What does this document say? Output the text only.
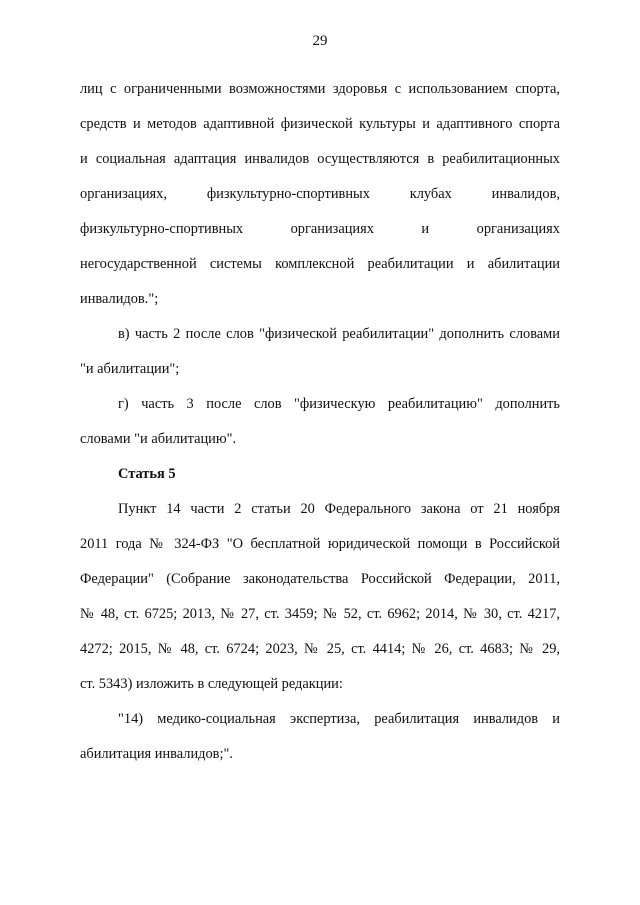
29
лиц с ограниченными возможностями здоровья с использованием спорта,
средств и методов адаптивной физической культуры и адаптивного спорта
и социальная адаптация инвалидов осуществляются в реабилитационных
организациях, физкультурно-спортивных клубах инвалидов,
физкультурно-спортивных организациях и организациях
негосударственной системы комплексной реабилитации и абилитации
инвалидов.";
в) часть 2 после слов "физической реабилитации" дополнить словами
"и абилитации";
г) часть 3 после слов "физическую реабилитацию" дополнить
словами "и абилитацию".
Статья 5
Пункт 14 части 2 статьи 20 Федерального закона от 21 ноября
2011 года № 324-ФЗ "О бесплатной юридической помощи в Российской
Федерации" (Собрание законодательства Российской Федерации, 2011,
№ 48, ст. 6725; 2013, № 27, ст. 3459; № 52, ст. 6962; 2014, № 30, ст. 4217,
4272; 2015, № 48, ст. 6724; 2023, № 25, ст. 4414; № 26, ст. 4683; № 29,
ст. 5343) изложить в следующей редакции:
"14) медико-социальная экспертиза, реабилитация инвалидов и
абилитация инвалидов;".
